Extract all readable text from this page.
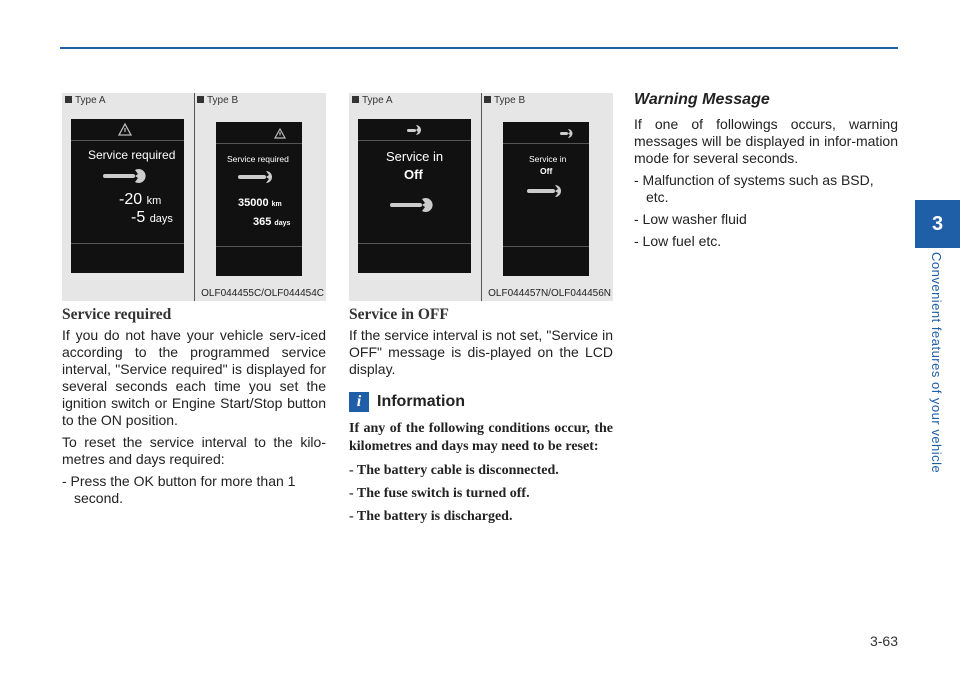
3
Convenient features of your vehicle
Type A	Type B
Service required
-20 km
-5 days
Service required
35000 km
365 days
OLF044455C/OLF044454C
Type A	Type B
Service in
Off
Service in
Off
OLF044457N/OLF044456N
Service required

If you do not have your vehicle serv-iced according to the programmed service interval, "Service required" is displayed for several seconds each time you set the ignition switch or Engine Start/Stop button to the ON position.

To reset the service interval to the kilo-metres and days required:

- Press the OK button for more than 1 second.

Service in OFF

If the service interval is not set, "Service in OFF" message is dis-played on the LCD display.

i Information

If any of the following conditions occur, the kilometres and days may need to be reset:

- The battery cable is disconnected.

- The fuse switch is turned off.

- The battery is discharged.

Warning Message

If one of followings occurs, warning messages will be displayed in infor-mation mode for several seconds.

- Malfunction of systems such as BSD, etc.

- Low washer fluid

- Low fuel etc.

3-63
